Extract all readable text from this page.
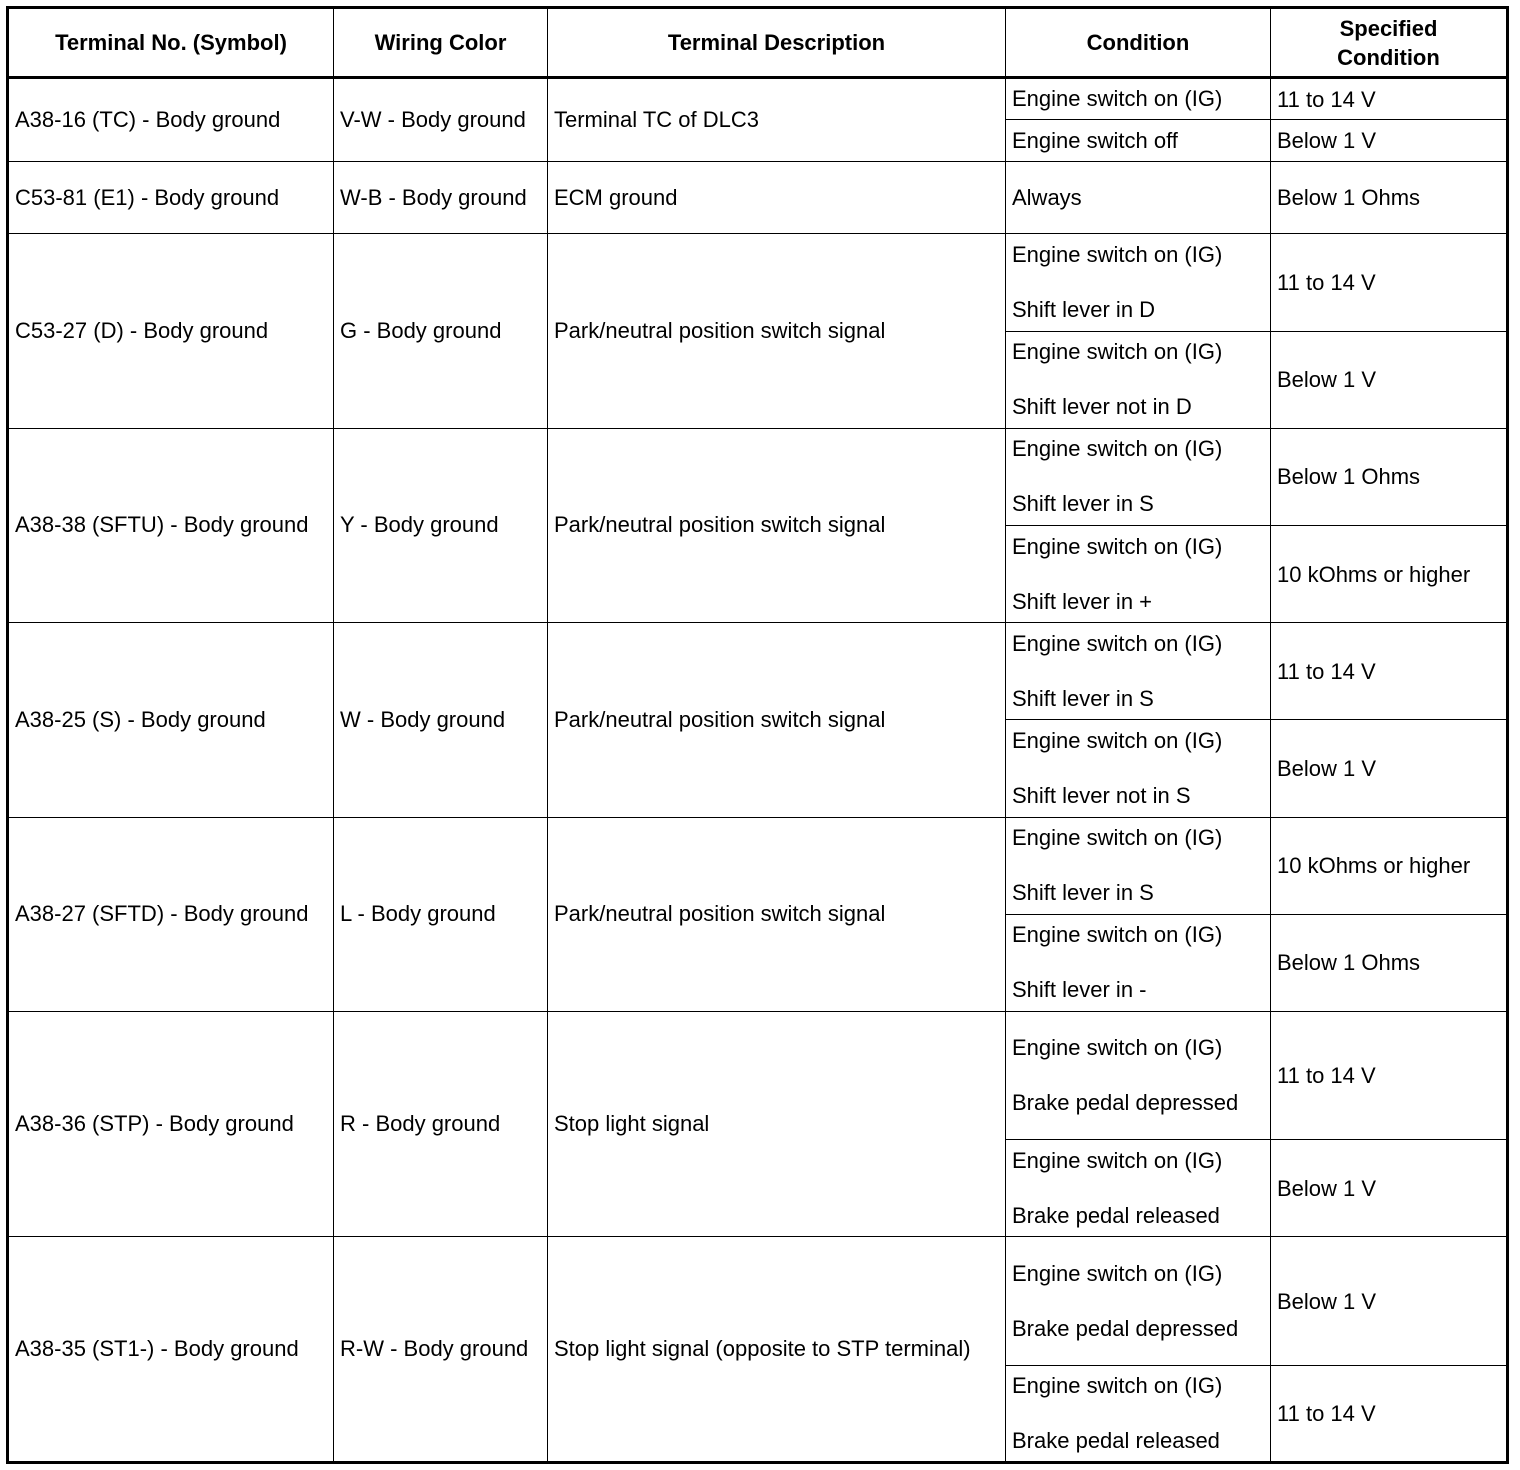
Terminal No. (Symbol)	Wiring Color	Terminal Description	Condition	Specified
Condition
A38-16 (TC) - Body ground	V-W - Body ground	Terminal TC of DLC3	Engine switch on (IG)	11 to 14 V

			Engine switch off	Below 1 V
C53-81 (E1) - Body ground	W-B - Body ground	ECM ground	Always	Below 1 Ohms
C53-27 (D) - Body ground	G - Body ground	Park/neutral position switch signal	Engine switch on (IG)
Shift lever in D	11 to 14 V

			Engine switch on (IG)
Shift lever not in D	Below 1 V
A38-38 (SFTU) - Body ground	Y - Body ground	Park/neutral position switch signal	Engine switch on (IG)
Shift lever in S	Below 1 Ohms

			Engine switch on (IG)
Shift lever in +	10 kOhms or higher
A38-25 (S) - Body ground	W - Body ground	Park/neutral position switch signal	Engine switch on (IG)
Shift lever in S	11 to 14 V

			Engine switch on (IG)
Shift lever not in S	Below 1 V
A38-27 (SFTD) - Body ground	L - Body ground	Park/neutral position switch signal	Engine switch on (IG)
Shift lever in S	10 kOhms or higher

			Engine switch on (IG)
Shift lever in -	Below 1 Ohms
A38-36 (STP) - Body ground	R - Body ground	Stop light signal	Engine switch on (IG)
Brake pedal depressed	11 to 14 V

			Engine switch on (IG)
Brake pedal released	Below 1 V
A38-35 (ST1-) - Body ground	R-W - Body ground	Stop light signal (opposite to STP terminal)	Engine switch on (IG)
Brake pedal depressed	Below 1 V

			Engine switch on (IG)
Brake pedal released	11 to 14 V
